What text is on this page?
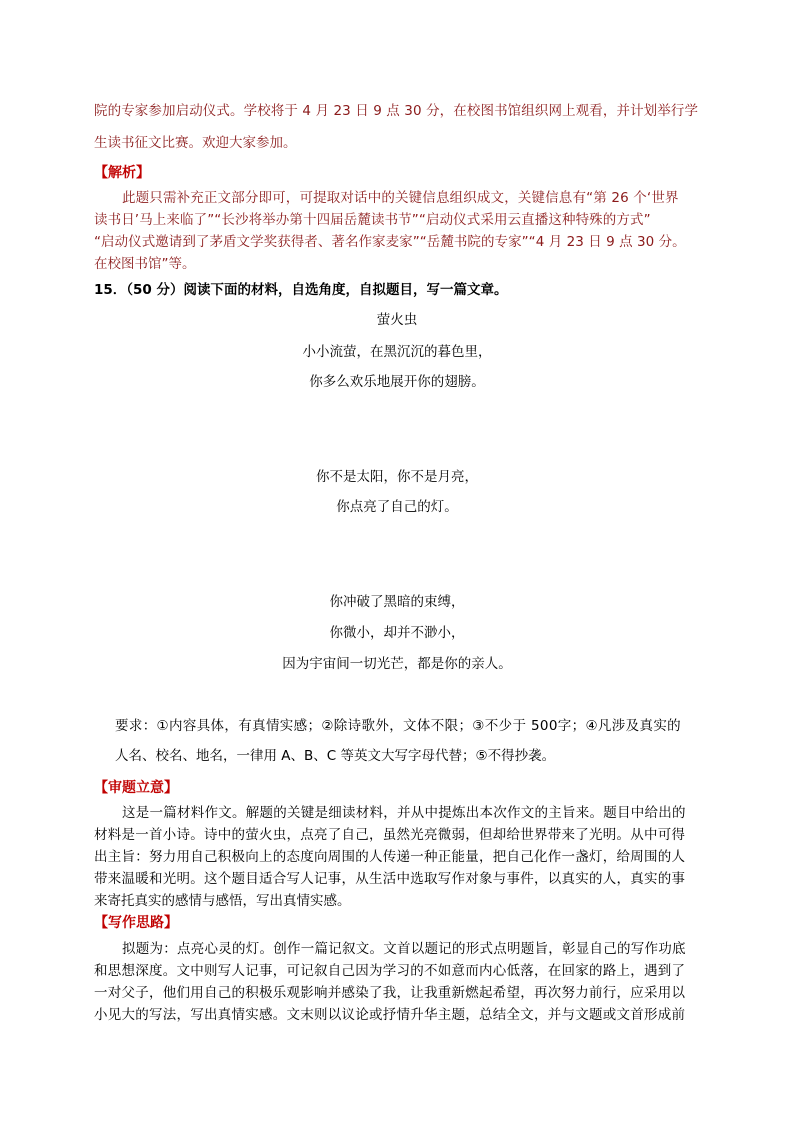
院的专家参加启动仪式。学校将于 4 月 23 日 9 点 30 分，在校图书馆组织网上观看，并计划举行学
生读书征文比赛。欢迎大家参加。
【解析】
此题只需补充正文部分即可，可提取对话中的关键信息组织成文，关键信息有“第 26 个‘世界
读书日’马上来临了”“长沙将举办第十四届岳麓读书节”“启动仪式采用云直播这种特殊的方式”
“启动仪式邀请到了茅盾文学奖获得者、著名作家麦家”“岳麓书院的专家”“4 月 23 日 9 点 30 分。
在校图书馆”等。
15．（50 分）阅读下面的材料，自选角度，自拟题目，写一篇文章。
萤火虫
小小流萤，在黑沉沉的暮色里，
你多么欢乐地展开你的翅膀。
你不是太阳，你不是月亮，
你点亮了自己的灯。
你冲破了黑暗的束缚，
你微小，却并不渺小，
因为宇宙间一切光芒，都是你的亲人。
要求：①内容具体，有真情实感；②除诗歌外，文体不限；③不少于 500字；④凡涉及真实的
人名、校名、地名，一律用 A、B、C 等英文大写字母代替；⑤不得抄袭。
【审题立意】
这是一篇材料作文。解题的关键是细读材料，并从中提炼出本次作文的主旨来。题目中给出的
材料是一首小诗。诗中的萤火虫，点亮了自己，虽然光亮微弱，但却给世界带来了光明。从中可得
出主旨：努力用自己积极向上的态度向周围的人传递一种正能量，把自己化作一盏灯，给周围的人
带来温暖和光明。这个题目适合写人记事，从生活中选取写作对象与事件，以真实的人，真实的事
来寄托真实的感情与感悟，写出真情实感。
【写作思路】
拟题为：点亮心灵的灯。创作一篇记叙文。文首以题记的形式点明题旨，彰显自己的写作功底
和思想深度。文中则写人记事，可记叙自己因为学习的不如意而内心低落，在回家的路上，遇到了
一对父子，他们用自己的积极乐观影响并感染了我，让我重新燃起希望，再次努力前行，应采用以
小见大的写法，写出真情实感。文末则以议论或抒情升华主题，总结全文，并与文题或文首形成前
